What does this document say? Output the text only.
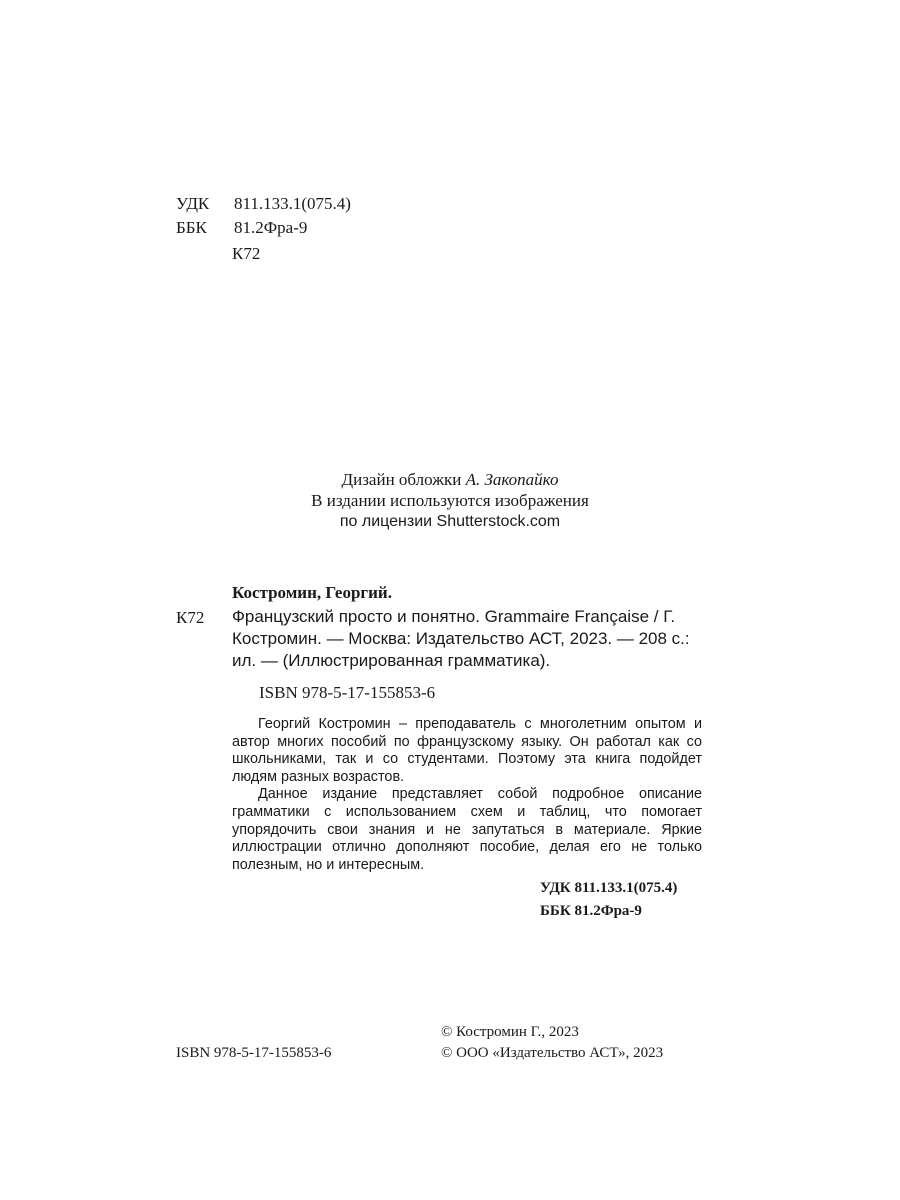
УДК 811.133.1(075.4)
ББК 81.2Фра-9
К72
Дизайн обложки А. Закопайко
В издании используются изображения
по лицензии Shutterstock.com
Костромин, Георгий.
К72 Французский просто и понятно. Grammaire Française / Г. Костромин. — Москва: Издательство АСТ, 2023. — 208 с.: ил. — (Иллюстрированная грамматика).
ISBN 978-5-17-155853-6

Георгий Костромин – преподаватель с многолетним опытом и автор многих пособий по французскому языку. Он работал как со школьниками, так и со студентами. Поэтому эта книга подойдет людям разных возрастов.

Данное издание представляет собой подробное описание грамматики с использованием схем и таблиц, что помогает упорядочить свои знания и не запутаться в материале. Яркие иллюстрации отлично дополняют пособие, делая его не только полезным, но и интересным.

УДК 811.133.1(075.4)
ББК 81.2Фра-9
ISBN 978-5-17-155853-6
© Костромин Г., 2023
© ООО «Издательство АСТ», 2023
